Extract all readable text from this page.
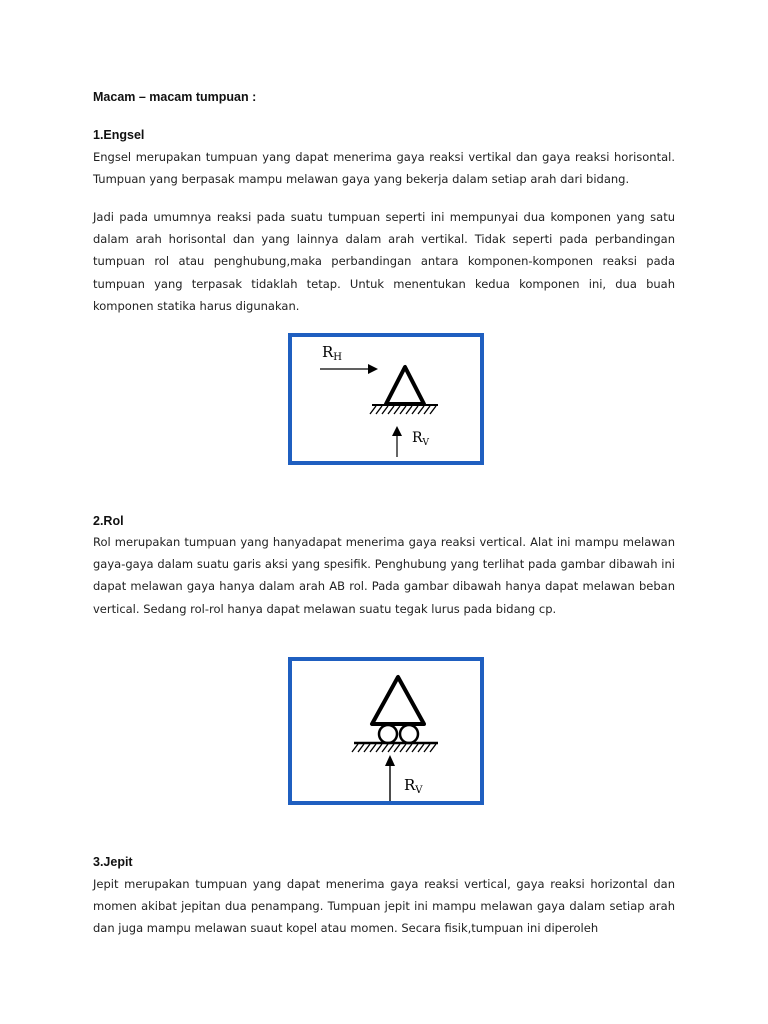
Macam – macam tumpuan :
1.Engsel

Engsel merupakan tumpuan yang dapat menerima gaya reaksi vertikal dan gaya reaksi horisontal. Tumpuan yang berpasak mampu melawan gaya yang bekerja dalam setiap arah dari bidang.

Jadi pada umumnya reaksi pada suatu tumpuan seperti ini mempunyai dua komponen yang satu dalam arah horisontal dan yang lainnya dalam arah vertikal. Tidak seperti pada perbandingan tumpuan rol atau penghubung,maka perbandingan antara komponen-komponen reaksi pada tumpuan yang terpasak tidaklah tetap. Untuk menentukan kedua komponen ini, dua buah komponen statika harus digunakan.

$R_H$
$R_V$
2.Rol

Rol merupakan tumpuan yang hanyadapat menerima gaya reaksi vertical. Alat ini mampu melawan gaya-gaya dalam suatu garis aksi yang spesifik. Penghubung yang terlihat pada gambar dibawah ini dapat melawan gaya hanya dalam arah AB rol. Pada gambar dibawah hanya dapat melawan beban vertical. Sedang rol-rol hanya dapat melawan suatu tegak lurus pada bidang cp.

$R_V$
3.Jepit

Jepit merupakan tumpuan yang dapat menerima gaya reaksi vertical, gaya reaksi horizontal dan momen akibat jepitan dua penampang. Tumpuan jepit ini mampu melawan gaya dalam setiap arah dan juga mampu melawan suaut kopel atau momen. Secara fisik,tumpuan ini diperoleh
